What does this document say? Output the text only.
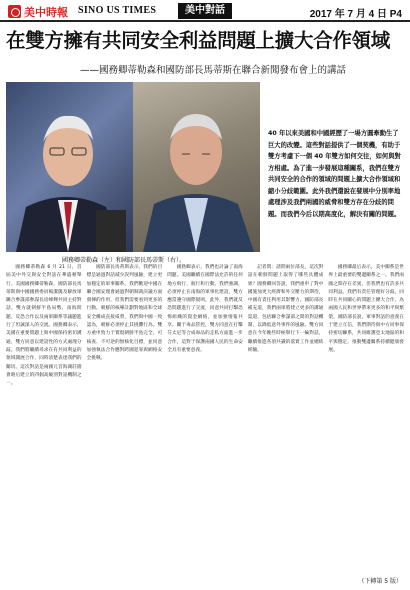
美中時報 SINO US TIMES	美中對話	2017 年 7 月 4 日 P4
在雙方擁有共同安全利益問題上擴大合作領域
——國務卿蒂勒森和國防部長馬蒂斯在聯合新聞發布會上的講話
國務卿蒂勒森（左）和國防部長馬蒂斯（右）。
40 年以來美國和中國經歷了一場方圓牽動生了巨大的改變。這些對話提供了一個契機，有助于雙方考慮下一個 40 年雙方如何交往，如何與對方相處。為了進一步發展這種關系，我們在雙方共同安全的合作的領域的問題上擴大合作領域和縮小分歧範圍。此外我們還說在發展中分別率地處理涉及我們兩國的威脅和雙方存在分歧的問題。而我們今后以期高度化，解決有關的問題。

國務卿蒂勒森 6 月 21 日，首屆美中外交與安全對話在華盛頓舉行。美國國務卿蒂勒森，國防部長馬蒂斯與中國國務委員楊潔篪及解放軍聯合參謀部參謀長房峰輝共同主持對話。雙方就朝鮮半島局勢、南海問題、反恐合作以及兩軍關系等議題進行了坦誠深入的交流。國務卿表示，美國在重要問題上與中國保持密切溝通，雙方同意以建設性的方式處理分歧。我們將繼續尋求在有共同利益的領域開展合作，同時清楚表達我們的關切。這次對話是兩國元首海湖莊園會晤后建立的四個高級別對話機制之一。

國防部長馬蒂斯表示，我們的目標是通過對話減少誤判風險，建立更加穩定的軍事關系。我們歡迎中國在聯合國安理會通過對朝制裁決議方面發揮的作用，但我們需要看到更多的行動。朝鮮的核導計劃對地區和全球安全構成直接威脅，我們與中國一致認為，朝鮮必須停止其挑釁行為。雙方重申致力于實現朝鮮半島完全、可核查、不可逆的無核化目標，並同意加強執法合作應對跨國犯罪與網絡安全挑戰。

國務卿表示，我們也討論了南海問題。美國繼續在國際法允許的任何地方飛行、航行和行動。我們強調，必須停止在南海的軍事化建設，雙方應當遵守國際規則。此外，我們就反恐問題進行了交流，同意共同打擊恐怖組織的資金網絡，並加強情報共享。關于毒品管控，雙方同意在打擊芬太尼等合成毒品的走私方面進一步合作，這對于保護兩國人民的生命安全具有重要意義。

記者問：請問兩位部長，這次對話在朝鮮問題上取得了哪些具體成果？國務卿回答說，我們重申了對中國施加更大經濟和外交壓力的期待，中國有責任利用其影響力。國防部長補充道，我們兩軍將建立更多的溝通渠道，包括聯合參謀部之間的對話機制，以降低意外事件的風險。雙方同意在今年晚些時候舉行下一輪對話，繼續推進各項共識的落實工作並總結經驗。

國務卿最后表示，美中關系是世界上最重要的雙邊關系之一。我們兩國之間存在差異，但我們也有許多共同利益。我們有責任管理好分歧，同時在共同關心的問題上擴大合作，為兩國人民和世界帶來更多的和平與繁榮。國防部長說，軍事對話的意義在于建立互信，我們期待與中方同事保持密切聯系，共同維護亞太地區的和平與穩定，推動雙邊關系持續健康發展。

（下轉第 5 版）
